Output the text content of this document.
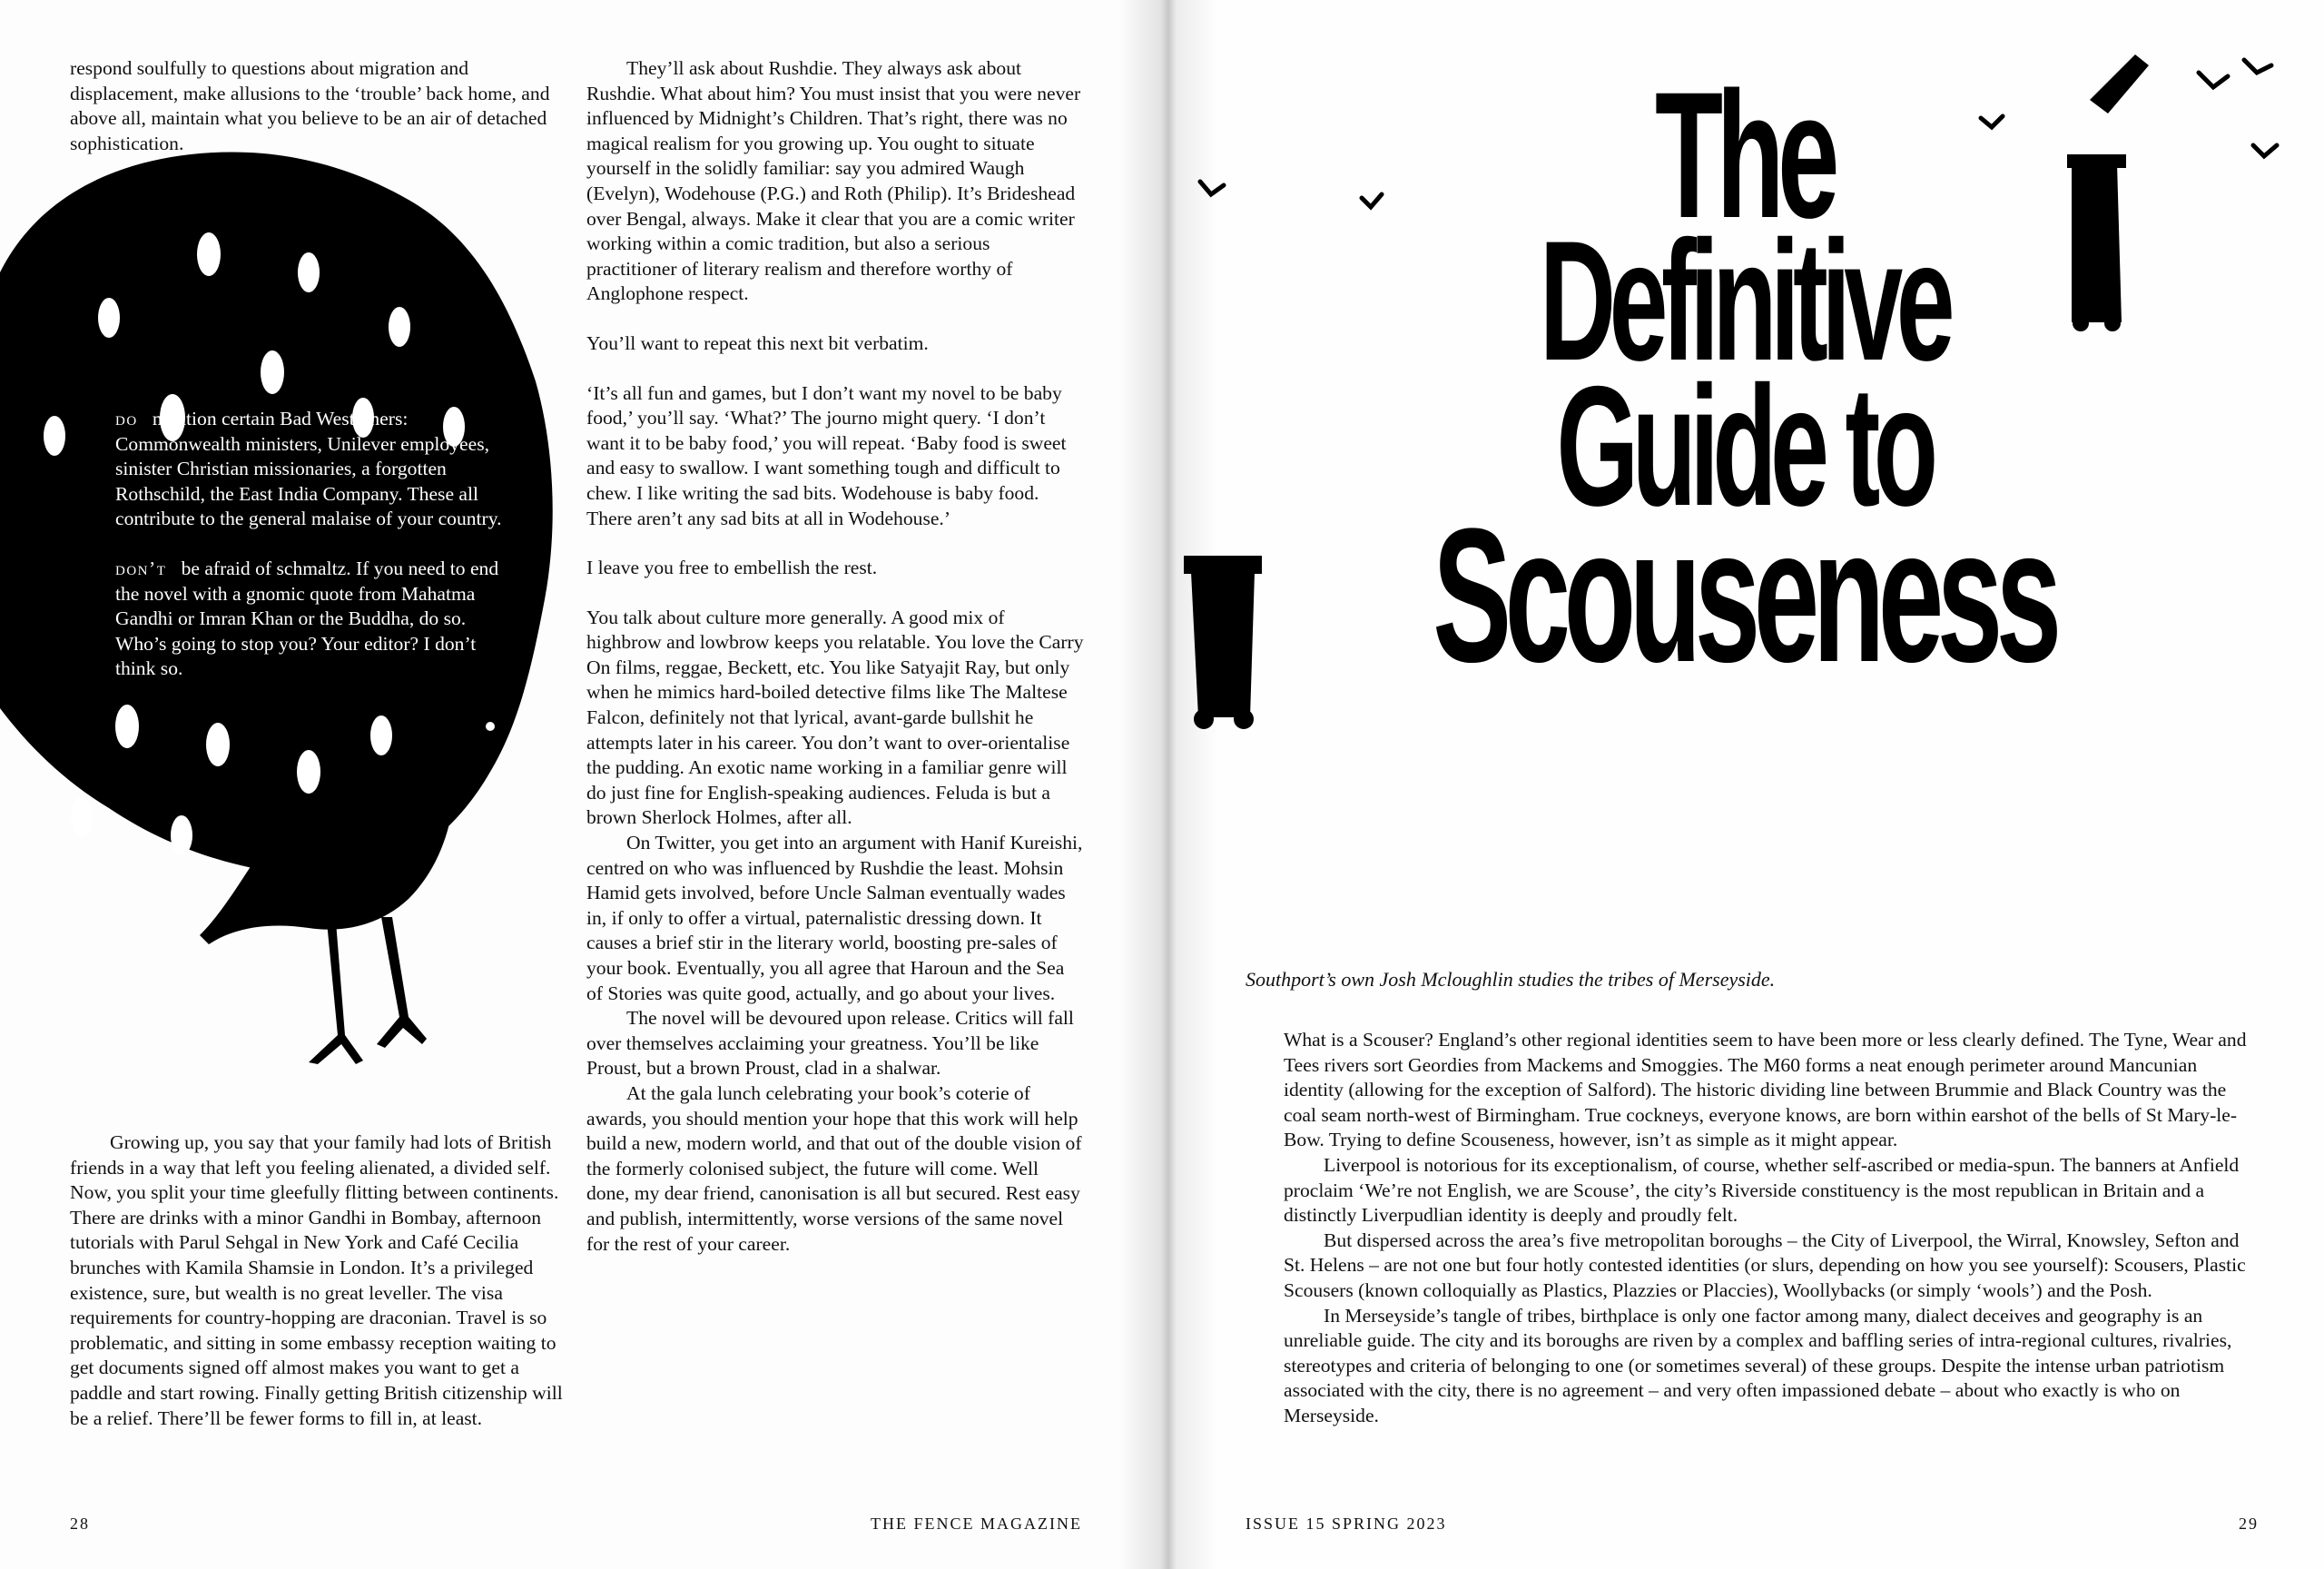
respond soulfully to questions about migration and displacement, make allusions to the ‘trouble’ back home, and above all, maintain what you believe to be an air of detached sophistication.

do mention certain Bad Westerners: Commonwealth ministers, Unilever employees, sinister Christian missionaries, a forgotten Rothschild, the East India Company. These all contribute to the general malaise of your country.

don’t be afraid of schmaltz. If you need to end the novel with a gnomic quote from Mahatma Gandhi or Imran Khan or the Buddha, do so. Who’s going to stop you? Your editor? I don’t think so.

Growing up, you say that your family had lots of British friends in a way that left you feeling alienated, a divided self. Now, you split your time gleefully flitting between continents. There are drinks with a minor Gandhi in Bombay, afternoon tutorials with Parul Sehgal in New York and Café Cecilia brunches with Kamila Shamsie in London. It’s a privileged existence, sure, but wealth is no great leveller. The visa requirements for country-hopping are draconian. Travel is so problematic, and sitting in some embassy reception waiting to get documents signed off almost makes you want to get a paddle and start rowing. Finally getting British citizenship will be a relief. There’ll be fewer forms to fill in, at least.

They’ll ask about Rushdie. They always ask about Rushdie. What about him? You must insist that you were never influenced by Midnight’s Children. That’s right, there was no magical realism for you growing up. You ought to situate yourself in the solidly familiar: say you admired Waugh (Evelyn), Wodehouse (P.G.) and Roth (Philip). It’s Brideshead over Bengal, always. Make it clear that you are a comic writer working within a comic tradition, but also a serious practitioner of literary realism and therefore worthy of Anglophone respect.

You’ll want to repeat this next bit verbatim.

‘It’s all fun and games, but I don’t want my novel to be baby food,’ you’ll say. ‘What?’ The journo might query. ‘I don’t want it to be baby food,’ you will repeat. ‘Baby food is sweet and easy to swallow. I want something tough and difficult to chew. I like writing the sad bits. Wodehouse is baby food. There aren’t any sad bits at all in Wodehouse.’

I leave you free to embellish the rest.

You talk about culture more generally. A good mix of highbrow and lowbrow keeps you relatable. You love the Carry On films, reggae, Beckett, etc. You like Satyajit Ray, but only when he mimics hard-boiled detective films like The Maltese Falcon, definitely not that lyrical, avant-garde bullshit he attempts later in his career. You don’t want to over-orientalise the pudding. An exotic name working in a familiar genre will do just fine for English-speaking audiences. Feluda is but a brown Sherlock Holmes, after all.

On Twitter, you get into an argument with Hanif Kureishi, centred on who was influenced by Rushdie the least. Mohsin Hamid gets involved, before Uncle Salman eventually wades in, if only to offer a virtual, paternalistic dressing down. It causes a brief stir in the literary world, boosting pre-sales of your book. Eventually, you all agree that Haroun and the Sea of Stories was quite good, actually, and go about your lives.

The novel will be devoured upon release. Critics will fall over themselves acclaiming your greatness. You’ll be like Proust, but a brown Proust, clad in a shalwar.

At the gala lunch celebrating your book’s coterie of awards, you should mention your hope that this work will help build a new, modern world, and that out of the double vision of the formerly colonised subject, the future will come. Well done, my dear friend, canonisation is all but secured. Rest easy and publish, intermittently, worse versions of the same novel for the rest of your career.

28	THE FENCE MAGAZINE
The
Definitive
Guide to
Scouseness
Southport’s own Josh Mcloughlin studies the tribes of Merseyside.

What is a Scouser? England’s other regional identities seem to have been more or less clearly defined. The Tyne, Wear and Tees rivers sort Geordies from Mackems and Smoggies. The M60 forms a neat enough perimeter around Mancunian identity (allowing for the exception of Salford). The historic dividing line between Brummie and Black Country was the coal seam north-west of Birmingham. True cockneys, everyone knows, are born within earshot of the bells of St Mary-le-Bow. Trying to define Scouseness, however, isn’t as simple as it might appear.

Liverpool is notorious for its exceptionalism, of course, whether self-ascribed or media-spun. The banners at Anfield proclaim ‘We’re not English, we are Scouse’, the city’s Riverside constituency is the most republican in Britain and a distinctly Liverpudlian identity is deeply and proudly felt.

But dispersed across the area’s five metropolitan boroughs – the City of Liverpool, the Wirral, Knowsley, Sefton and St. Helens – are not one but four hotly contested identities (or slurs, depending on how you see yourself): Scousers, Plastic Scousers (known colloquially as Plastics, Plazzies or Placcies), Woollybacks (or simply ‘wools’) and the Posh.

In Merseyside’s tangle of tribes, birthplace is only one factor among many, dialect deceives and geography is an unreliable guide. The city and its boroughs are riven by a complex and baffling series of intra-regional cultures, rivalries, stereotypes and criteria of belonging to one (or sometimes several) of these groups. Despite the intense urban patriotism associated with the city, there is no agreement – and very often impassioned debate – about who exactly is who on Merseyside.

ISSUE 15 SPRING 2023	29
